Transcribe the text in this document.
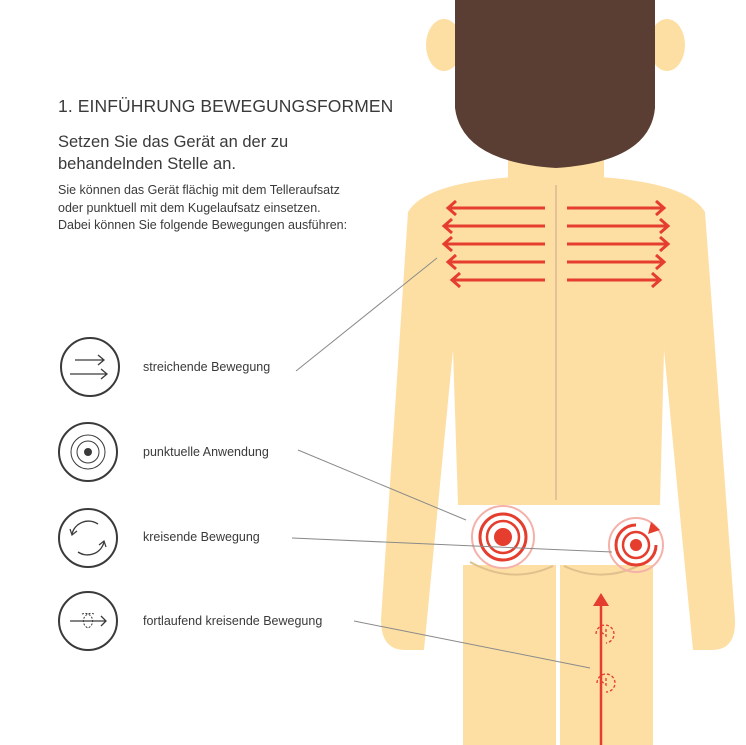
1. EINFÜHRUNG BEWEGUNGSFORMEN
Setzen Sie das Gerät an der zu behandelnden Stelle an.

Sie können das Gerät flächig mit dem Telleraufsatz
oder punktuell mit dem Kugelaufsatz einsetzen.
Dabei können Sie folgende Bewegungen ausführen:

streichende Bewegung
punktuelle Anwendung
kreisende Bewegung
fortlaufend kreisende Bewegung
